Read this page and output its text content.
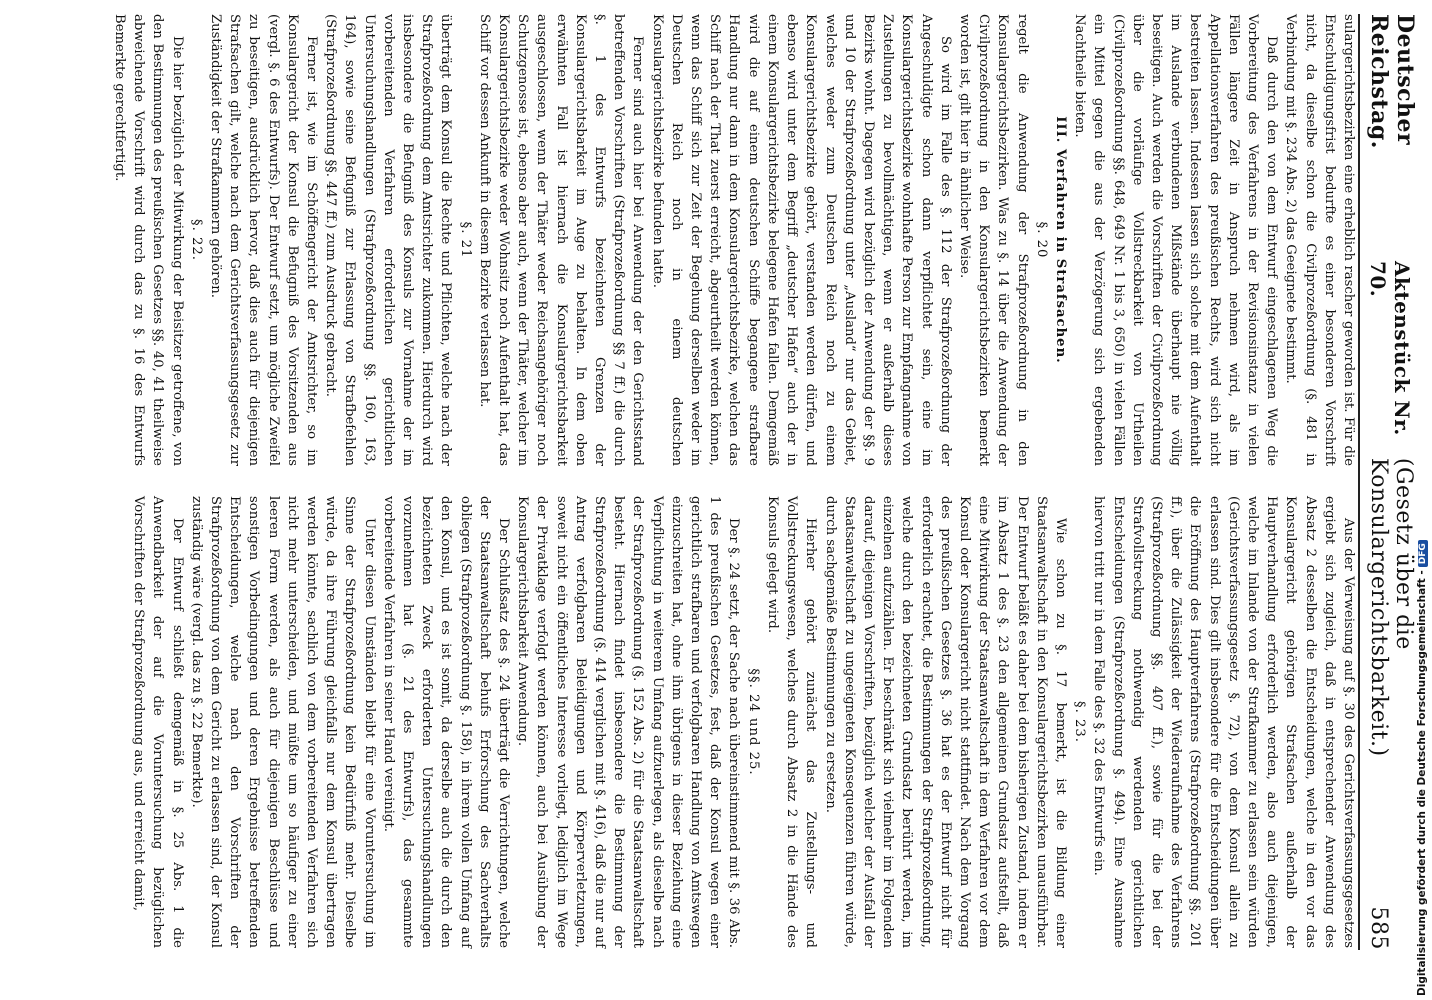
Deutscher Reichstag.
Aktenstück Nr. 70.
(Gesetz über die Konsulargerichtsbarkeit.)
585

sulargerichtsbezirken eine erheblich rascher geworden ist. Für die Entschuldigungsfrist bedurfte es einer besonderen Vorschrift nicht, da dieselbe schon die Civilprozeßordnung (§. 481 in Verbindung mit §. 234 Abs. 2) das Geeignete bestimmt.

Daß durch den von dem Entwurf eingeschlagenen Weg die Vorbereitung des Verfahrens in der Revisionsinstanz in vielen Fällen längere Zeit in Anspruch nehmen wird, als im Appellationsverfahren des preußischen Rechts, wird sich nicht bestreiten lassen. Indessen lassen sich solche mit dem Aufenthalt im Auslande verbundenen Mißstände überhaupt nie völlig beseitigen. Auch werden die Vorschriften der Civilprozeßordnung über die vorläufige Vollstreckbarkeit von Urtheilen (Civilprozeßordnung §§. 648, 649 Nr. 1 bis 3, 650) in vielen Fällen ein Mittel gegen die aus der Verzögerung sich ergebenden Nachtheile bieten.

III. Verfahren in Strafsachen.

§. 20

regelt die Anwendung der Strafprozeßordnung in den Konsulargerichtsbezirken. Was zu §. 14 über die Anwendung der Civilprozeßordnung in den Konsulargerichtsbezirken bemerkt worden ist, gilt hier in ähnlicher Weise.

So wird im Falle des §. 112 der Strafprozeßordnung der Angeschuldigte schon dann verpflichtet sein, eine im Konsulargerichtsbezirke wohnhafte Person zur Empfangnahme von Zustellungen zu bevollmächtigen, wenn er außerhalb dieses Bezirks wohnt. Dagegen wird bezüglich der Anwendung der §§. 9 und 10 der Strafprozeßordnung unter „Ausland“ nur das Gebiet, welches weder zum Deutschen Reich noch zu einem Konsulargerichtsbezirke gehört, verstanden werden dürfen, und ebenso wird unter dem Begriff „deutscher Hafen“ auch der in einem Konsulargerichtsbezirke belegene Hafen fallen. Demgemäß wird die auf einem deutschen Schiffe begangene strafbare Handlung nur dann in dem Konsulargerichtsbezirke, welchen das Schiff nach der That zuerst erreicht, abgeurtheilt werden können, wenn das Schiff sich zur Zeit der Begehung derselben weder im Deutschen Reich noch in einem deutschen Konsulargerichtsbezirke befunden hatte.

Ferner sind auch hier bei Anwendung der den Gerichtsstand betreffenden Vorschriften (Strafprozeßordnung §§ 7 ff.) die durch §. 1 des Entwurfs bezeichneten Grenzen der Konsulargerichtsbarkeit im Auge zu behalten. In dem oben erwähnten Fall ist hiernach die Konsulargerichtsbarkeit ausgeschlossen, wenn der Thäter weder Reichsangehöriger noch Schutzgenosse ist, ebenso aber auch, wenn der Thäter, welcher im Konsulargerichtsbezirke weder Wohnsitz noch Aufenthalt hat, das Schiff vor dessen Ankunft in diesem Bezirke verlassen hat.

§. 21

überträgt dem Konsul die Rechte und Pflichten, welche nach der Strafprozeßordnung dem Amtsrichter zukommen. Hierdurch wird insbesondere die Befugniß des Konsuls zur Vornahme der im vorbereitenden Verfahren erforderlichen gerichtlichen Untersuchungshandlungen (Strafprozeßordnung §§. 160, 163, 164), sowie seine Befugniß zur Erlassung von Strafbefehlen (Strafprozeßordnung §§. 447 ff.) zum Ausdruck gebracht.

Ferner ist, wie im Schöffengericht der Amtsrichter, so im Konsulargericht der Konsul die Befugniß des Vorsitzenden aus (vergl. §. 6 des Entwurfs). Der Entwurf setzt, um mögliche Zweifel zu beseitigen, ausdrücklich hervor, daß dies auch für diejenigen Strafsachen gilt, welche nach dem Gerichtsverfassungsgesetz zur Zuständigkeit der Strafkammern gehören.

§. 22.

Die hier bezüglich der Mitwirkung der Beisitzer getroffene, von den Bestimmungen des preußischen Gesetzes §§. 40, 41 theilweise abweichende Vorschrift wird durch das zu §. 16 des Entwurfs Bemerkte gerechtfertigt.

Aus der Verweisung auf §. 30 des Gerichtsverfassungsgesetzes ergiebt sich zugleich, daß in entsprechender Anwendung des Absatz 2 desselben die Entscheidungen, welche in den vor das Konsulargericht gehörigen Strafsachen außerhalb der Hauptverhandlung erforderlich werden, also auch diejenigen, welche im Inlande von der Strafkammer zu erlassen sein würden (Gerichtsverfassungsgesetz §. 72), von dem Konsul allein zu erlassen sind. Dies gilt insbesondere für die Entscheidungen über die Eröffnung des Hauptverfahrens (Strafprozeßordnung §§. 201 ff.), über die Zulässigkeit der Wiederaufnahme des Verfahrens (Strafprozeßordnung §§. 407 ff.), sowie für die bei der Strafvollstreckung nothwendig werdenden gerichtlichen Entscheidungen (Strafprozeßordnung §. 494). Eine Ausnahme hiervon tritt nur in dem Falle des §. 32 des Entwurfs ein.

§. 23.

Wie schon zu §. 17 bemerkt, ist die Bildung einer Staatsanwaltschaft in den Konsulargerichtsbezirken unausführbar. Der Entwurf beläßt es daher bei dem bisherigen Zustand, indem er im Absatz 1 des §. 23 den allgemeinen Grundsatz aufstellt, daß eine Mitwirkung der Staatsanwaltschaft in dem Verfahren vor dem Konsul oder Konsulargericht nicht stattfindet. Nach dem Vorgang des preußischen Gesetzes §. 36 hat es der Entwurf nicht für erforderlich erachtet, die Bestimmungen der Strafprozeßordnung, welche durch den bezeichneten Grundsatz berührt werden, im einzelnen aufzuzählen. Er beschränkt sich vielmehr im Folgenden darauf, diejenigen Vorschriften, bezüglich welcher der Ausfall der Staatsanwaltschaft zu ungeeigneten Konsequenzen führen würde, durch sachgemäße Bestimmungen zu ersetzen.

Hierher gehört zunächst das Zustellungs- und Vollstreckungswesen, welches durch Absatz 2 in die Hände des Konsuls gelegt wird.

§§. 24 und 25.

Der §. 24 setzt, der Sache nach übereinstimmend mit §. 36 Abs. 1 des preußischen Gesetzes, fest, daß der Konsul wegen einer gerichtlich strafbaren und verfolgbaren Handlung von Amtswegen einzuschreiten hat, ohne ihm übrigens in dieser Beziehung eine Verpflichtung in weiterem Umfang aufzuerlegen, als dieselbe nach der Strafprozeßordnung (§. 152 Abs. 2) für die Staatsanwaltschaft besteht. Hiernach findet insbesondere die Bestimmung der Strafprozeßordnung (§. 414 verglichen mit §. 416), daß die nur auf Antrag verfolgbaren Beleidigungen und Körperverletzungen, soweit nicht ein öffentliches Interesse vorliegt, lediglich im Wege der Privatklage verfolgt werden können, auch bei Ausübung der Konsulargerichtsbarkeit Anwendung.

Der Schlußsatz des §. 24 überträgt die Verrichtungen, welche der Staatsanwaltschaft behufs Erforschung des Sachverhalts obliegen (Strafprozeßordnung §. 158), in ihrem vollen Umfang auf den Konsul, und es ist somit, da derselbe auch die durch den bezeichneten Zweck erforderten Untersuchungshandlungen vorzunehmen hat (§. 21 des Entwurfs), das gesammte vorbereitende Verfahren in seiner Hand vereinigt.

Unter diesen Umständen bleibt für eine Voruntersuchung im Sinne der Strafprozeßordnung kein Bedürfniß mehr. Dieselbe würde, da ihre Führung gleichfalls nur dem Konsul übertragen werden könnte, sachlich von dem vorbereitenden Verfahren sich nicht mehr unterscheiden, und müßte um so häufiger zu einer leeren Form werden, als auch für diejenigen Beschlüsse und sonstigen Vorbedingungen und deren Ergebnisse betreffenden Entscheidungen, welche nach den Vorschriften der Strafprozeßordnung von dem Gericht zu erlassen sind, der Konsul zuständig wäre (vergl. das zu §. 22 Bemerkte).

Der Entwurf schließt demgemäß in §. 25 Abs. 1 die Anwendbarkeit der auf die Voruntersuchung bezüglichen Vorschriften der Strafprozeßordnung aus, und erreicht damit,	Digitalisierung gefördert durch die Deutsche Forschungsgemeinschaft -DFG
